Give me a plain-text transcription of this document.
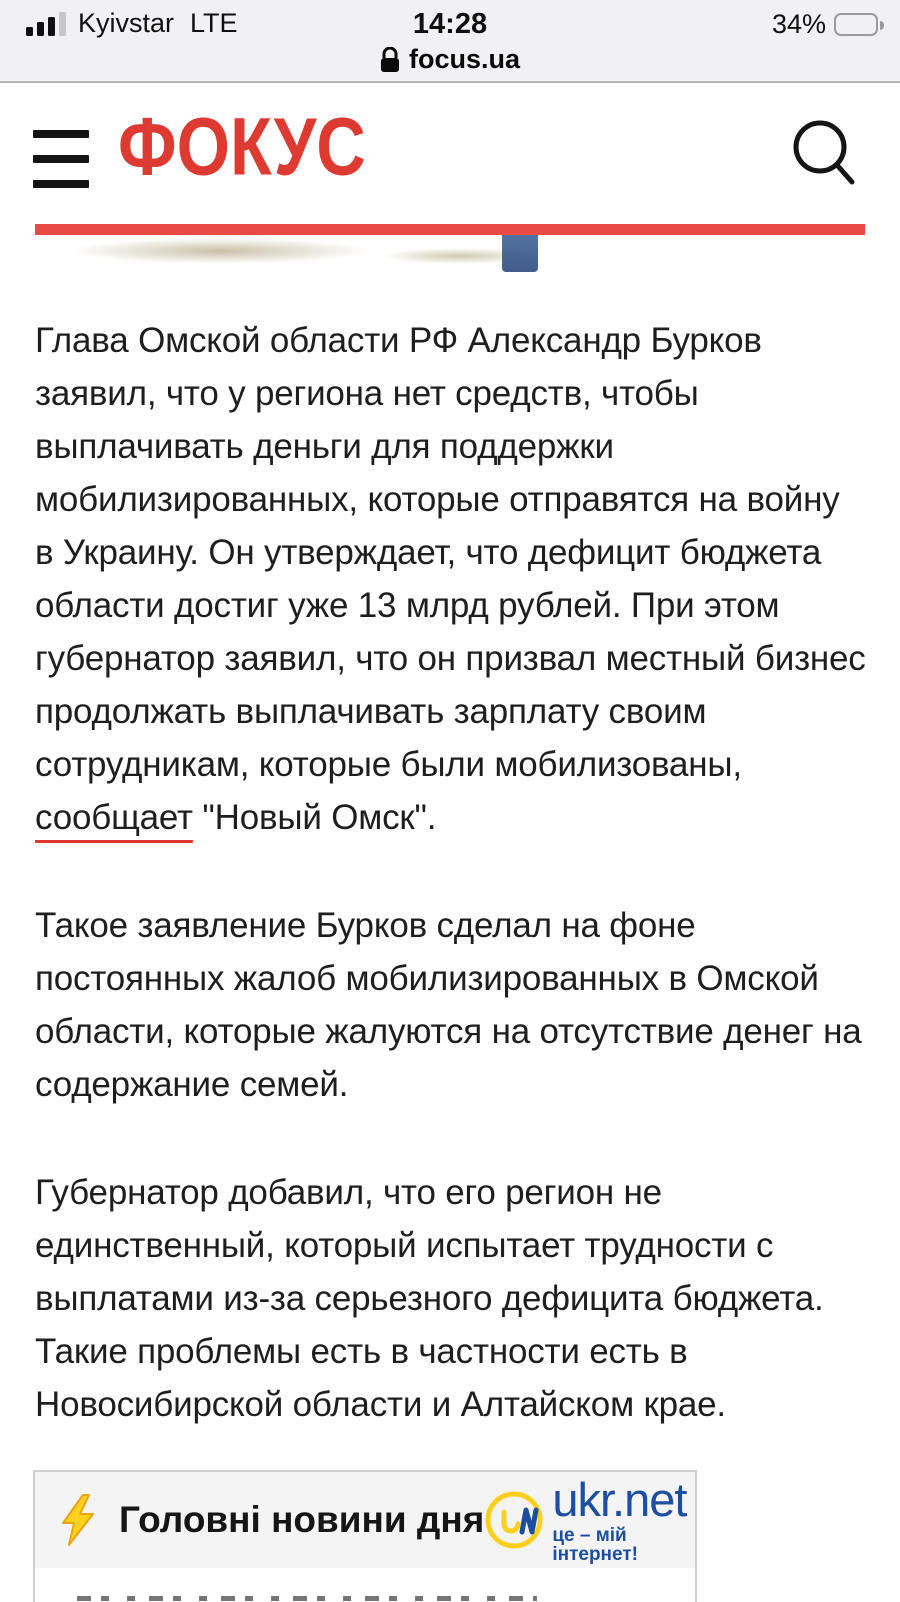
Kyivstar LTE	14:28	34%
focus.ua
ФОКУС

Глава Омской области РФ Александр Бурков заявил, что у региона нет средств, чтобы выплачивать деньги для поддержки мобилизированных, которые отправятся на войну в Украину. Он утверждает, что дефицит бюджета области достиг уже 13 млрд рублей. При этом губернатор заявил, что он призвал местный бизнес продолжать выплачивать зарплату своим сотрудникам, которые были мобилизованы, сообщает "Новый Омск".

Такое заявление Бурков сделал на фоне постоянных жалоб мобилизированных в Омской области, которые жалуются на отсутствие денег на содержание семей.

Губернатор добавил, что его регион не единственный, который испытает трудности с выплатами из-за серьезного дефицита бюджета. Такие проблемы есть в частности есть в Новосибирской области и Алтайском крае.

Головні новини дня ukr.net
це – мій інтернет!
